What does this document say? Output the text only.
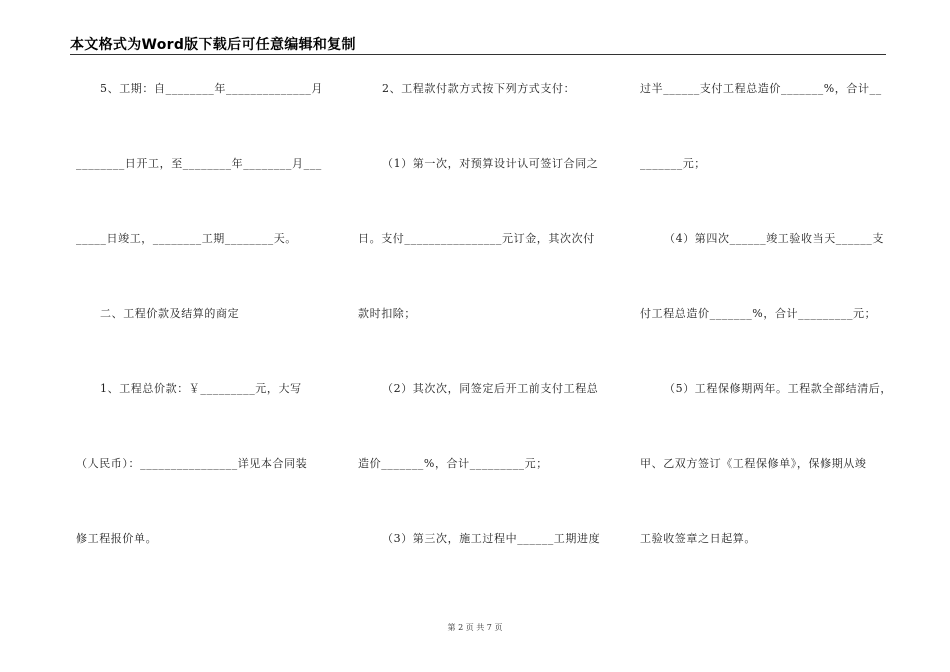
本文格式为Word版下载后可任意编辑和复制
5、工期：自________年______________月
________日开工，至________年________月___
_____日竣工，________工期________天。
二、工程价款及结算的商定
1、工程总价款：￥_________元，大写
（人民币）：________________详见本合同装
修工程报价单。
2、工程款付款方式按下列方式支付：
（1）第一次，对预算设计认可签订合同之
日。支付________________元订金，其次次付
款时扣除；
（2）其次次，同签定后开工前支付工程总
造价_______%，合计_________元；
（3）第三次，施工过程中______工期进度
过半______支付工程总造价_______%，合计__
_______元；
（4）第四次______竣工验收当天______支
付工程总造价_______%，合计_________元；
（5）工程保修期两年。工程款全部结清后，
甲、乙双方签订《工程保修单》，保修期从竣
工验收签章之日起算。
第 2 页 共 7 页
